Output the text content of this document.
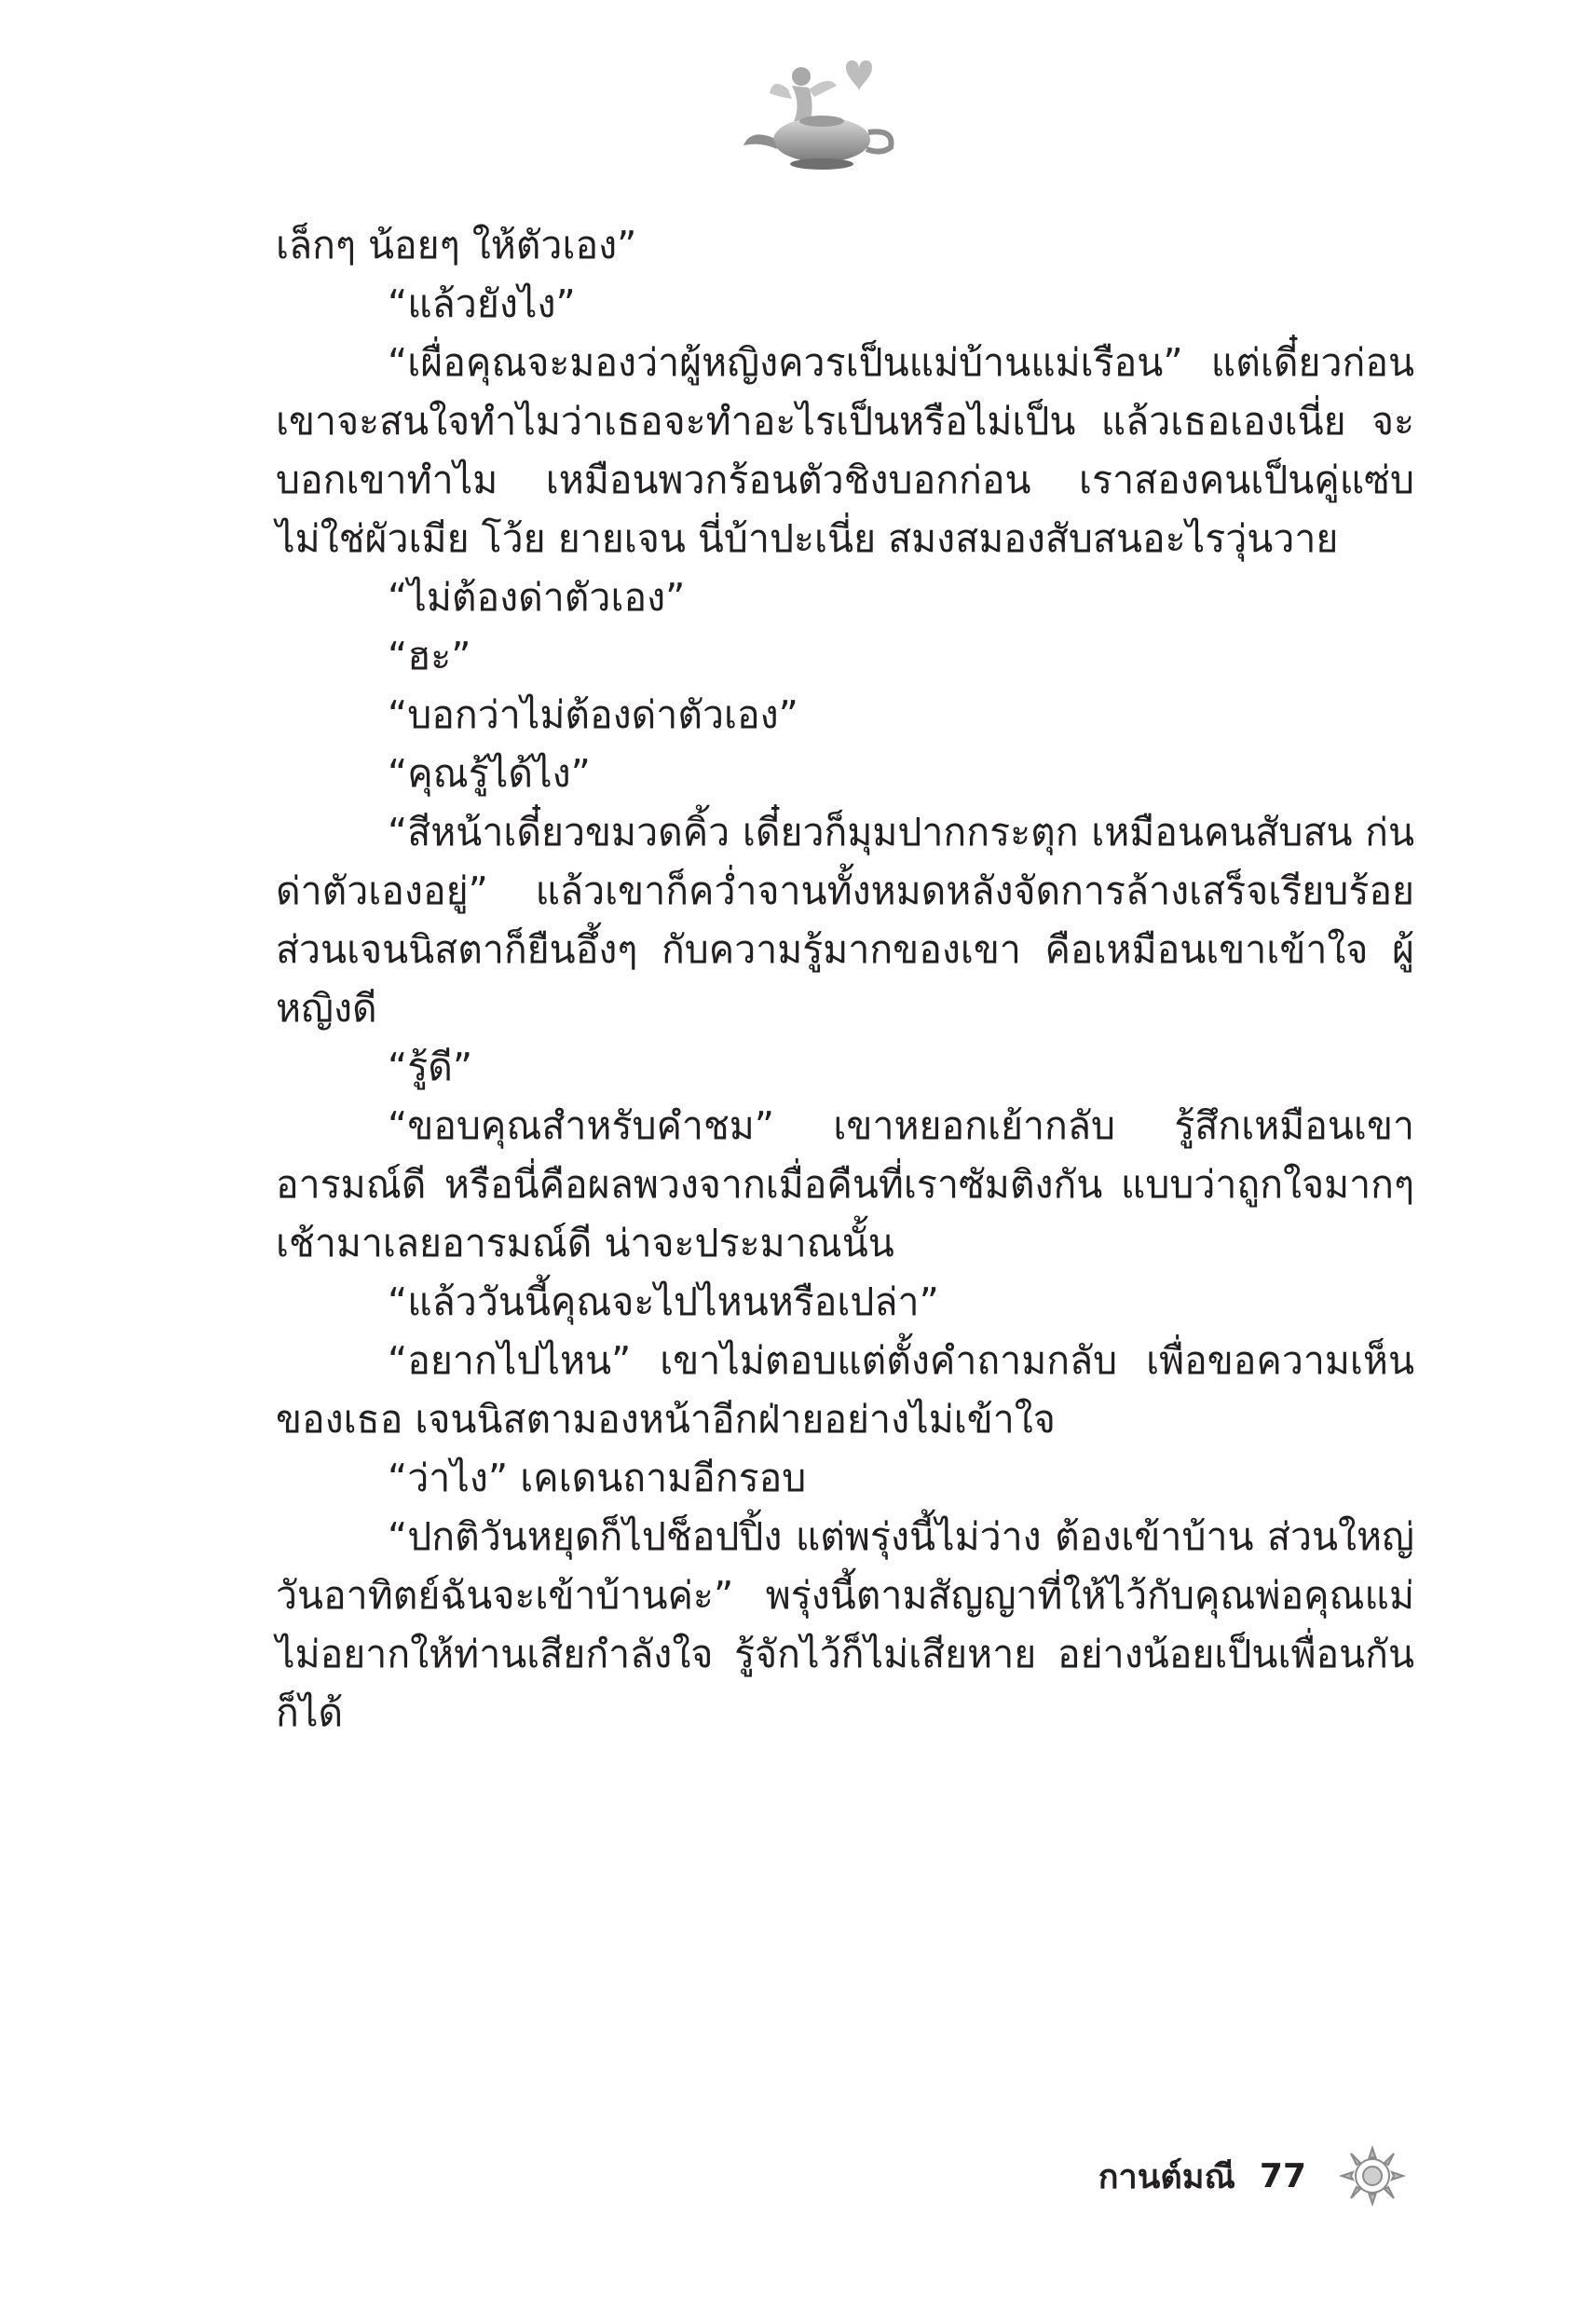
เล็กๆ น้อยๆ ให้ตัวเอง”

“แล้วยังไง”

“เผื่อคุณจะมองว่าผู้หญิงควรเป็นแม่บ้านแม่เรือน” แต่เดี๋ยวก่อน เขาจะสนใจทำไมว่าเธอจะทำอะไรเป็นหรือไม่เป็น แล้วเธอเองเนี่ย จะบอกเขาทำไม เหมือนพวกร้อนตัวชิงบอกก่อน เราสองคนเป็นคู่แซ่บ ไม่ใช่ผัวเมีย โว้ย ยายเจน นี่บ้าปะเนี่ย สมงสมองสับสนอะไรวุ่นวาย

“ไม่ต้องด่าตัวเอง”

“ฮะ”

“บอกว่าไม่ต้องด่าตัวเอง”

“คุณรู้ได้ไง”

“สีหน้าเดี๋ยวขมวดคิ้ว เดี๋ยวก็มุมปากกระตุก เหมือนคนสับสน ก่นด่าตัวเองอยู่” แล้วเขาก็คว่ำจานทั้งหมดหลังจัดการล้างเสร็จเรียบร้อย ส่วนเจนนิสตาก็ยืนอึ้งๆ กับความรู้มากของเขา คือเหมือนเขาเข้าใจ ผู้หญิงดี

“รู้ดี”

“ขอบคุณสำหรับคำชม” เขาหยอกเย้ากลับ รู้สึกเหมือนเขา อารมณ์ดี หรือนี่คือผลพวงจากเมื่อคืนที่เราซัมติงกัน แบบว่าถูกใจมากๆ เช้ามาเลยอารมณ์ดี น่าจะประมาณนั้น

“แล้ววันนี้คุณจะไปไหนหรือเปล่า”

“อยากไปไหน” เขาไม่ตอบแต่ตั้งคำถามกลับ เพื่อขอความเห็น ของเธอ เจนนิสตามองหน้าอีกฝ่ายอย่างไม่เข้าใจ

“ว่าไง” เคเดนถามอีกรอบ

“ปกติวันหยุดก็ไปช็อปปิ้ง แต่พรุ่งนี้ไม่ว่าง ต้องเข้าบ้าน ส่วนใหญ่ วันอาทิตย์ฉันจะเข้าบ้านค่ะ” พรุ่งนี้ตามสัญญาที่ให้ไว้กับคุณพ่อคุณแม่ ไม่อยากให้ท่านเสียกำลังใจ รู้จักไว้ก็ไม่เสียหาย อย่างน้อยเป็นเพื่อนกัน ก็ได้

กานต์มณี 77
